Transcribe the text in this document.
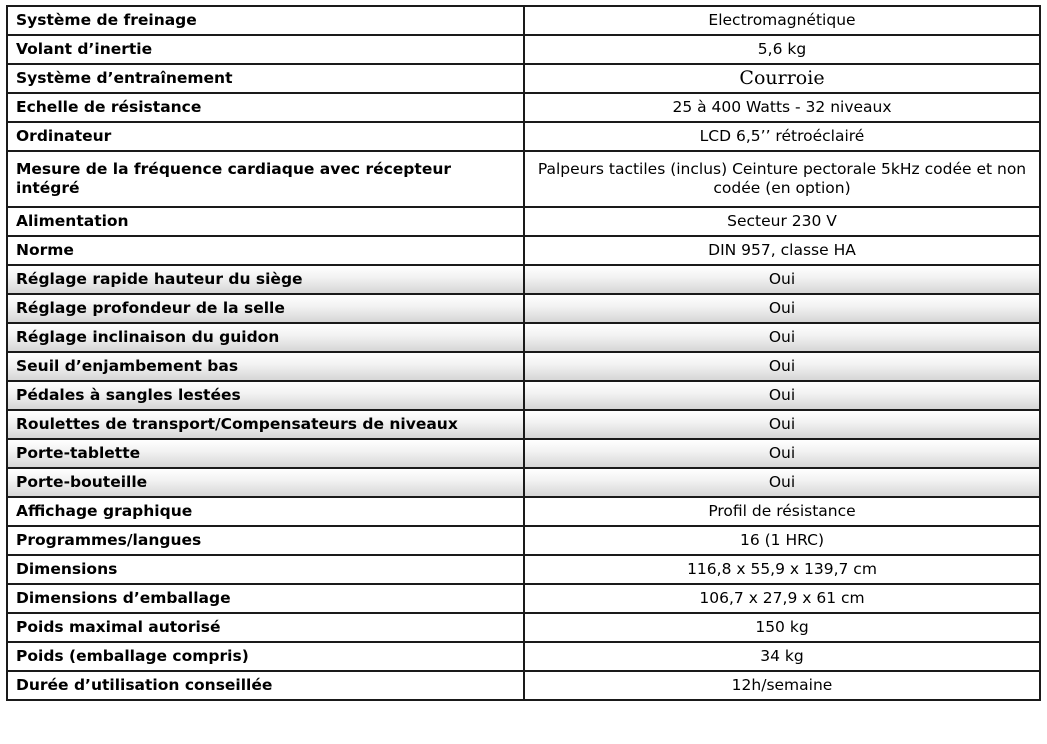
Système de freinage	Electromagnétique
Volant d’inertie	5,6 kg
Système d’entraînement	Courroie
Echelle de résistance	25 à 400 Watts - 32 niveaux
Ordinateur	LCD 6,5’’ rétroéclairé
Mesure de la fréquence cardiaque avec récepteur intégré	Palpeurs tactiles (inclus) Ceinture pectorale 5kHz codée et non codée (en option)
Alimentation	Secteur 230 V
Norme	DIN 957, classe HA
Réglage rapide hauteur du siège	Oui
Réglage profondeur de la selle	Oui
Réglage inclinaison du guidon	Oui
Seuil d’enjambement bas	Oui
Pédales à sangles lestées	Oui
Roulettes de transport/Compensateurs de niveaux	Oui
Porte-tablette	Oui
Porte-bouteille	Oui
Affichage graphique	Profil de résistance
Programmes/langues	16 (1 HRC)
Dimensions	116,8 x 55,9 x 139,7 cm
Dimensions d’emballage	106,7 x 27,9 x 61 cm
Poids maximal autorisé	150 kg
Poids (emballage compris)	34 kg
Durée d’utilisation conseillée	12h/semaine
